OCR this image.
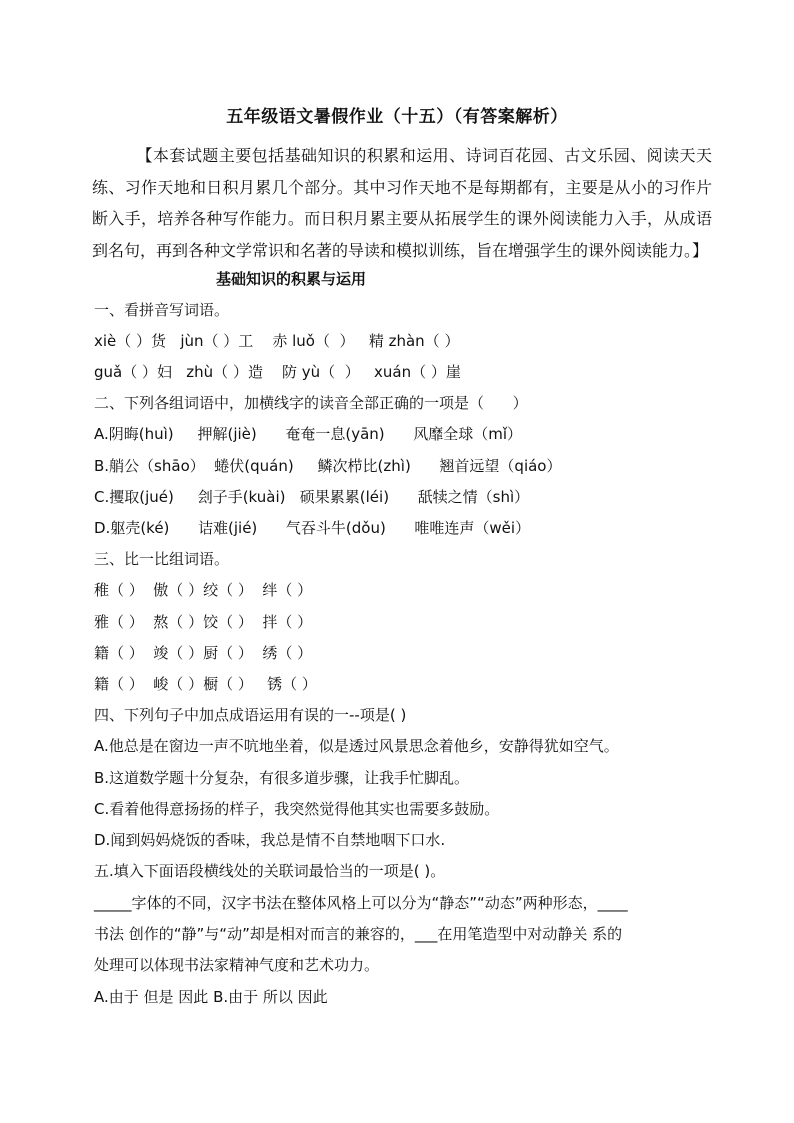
五年级语文暑假作业（十五）（有答案解析）
【本套试题主要包括基础知识的积累和运用、诗词百花园、古文乐园、阅读天天练、习作天地和日积月累几个部分。其中习作天地不是每期都有，主要是从小的习作片断入手，培养各种写作能力。而日积月累主要从拓展学生的课外阅读能力入手，从成语到名句，再到各种文学常识和名著的导读和模拟训练，旨在增强学生的课外阅读能力。】
基础知识的积累与运用
一、看拼音写词语。
xiè（ ）货   jùn（ ）工    赤 luǒ（  ）   精 zhàn（ ）
guǎ（ ）妇   zhù（ ）造    防 yù（  ）   xuán（ ）崖
二、下列各组词语中，加横线字的读音全部正确的一项是（      ）
A.阴晦(huì)     押解(jiè)      奄奄一息(yān)      风靡全球（mǐ）
B.艄公（shāo）  蜷伏(quán)     鳞次栉比(zhì)      翘首远望（qiáo）
C.攫取(jué)     刽子手(kuài)   硕果累累(léi)      舐犊之情（shì）
D.躯壳(ké)      诘难(jié)      气吞斗牛(dǒu)      唯唯连声（wěi）
三、比一比组词语。
稚（ ）  傲（ ）绞（ ）  绊（ ）
雅（ ）  熬（ ）饺（ ）  拌（ ）
籍（ ）  竣（ ）厨（ ）  绣（ ）
籍（ ）  峻（ ）橱（ ）   锈（ ）
四、下列句子中加点成语运用有误的一--项是( )
A.他总是在窗边一声不吭地坐着，似是透过风景思念着他乡，安静得犹如空气。
B.这道数学题十分复杂，有很多道步骤，让我手忙脚乱。
C.看着他得意扬扬的样子，我突然觉得他其实也需要多鼓励。
D.闻到妈妈烧饭的香味，我总是情不自禁地咽下口水.
五.填入下面语段横线处的关联词最恰当的一项是( )。
_____字体的不同，汉字书法在整体风格上可以分为“静态”“动态”两种形态，____
书法 创作的“静”与“动”却是相对而言的兼容的，___在用笔造型中对动静关 系的
处理可以体现书法家精神气度和艺术功力。
A.由于 但是 因此 B.由于 所以 因此
